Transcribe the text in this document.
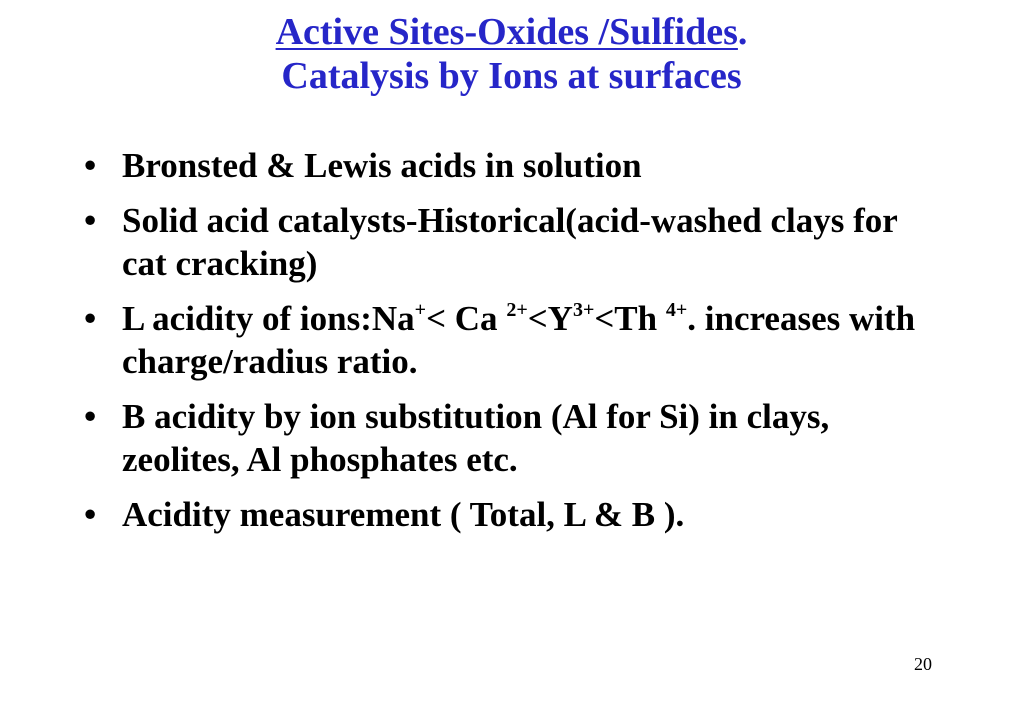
Active Sites-Oxides /Sulfides.
Catalysis by Ions at surfaces
• Bronsted & Lewis acids in solution
• Solid acid catalysts-Historical(acid-washed clays for cat cracking)
• L acidity of ions:Na+< Ca $^{2+}<Y^{3+}<Th$ $^{4+}$. increases with charge/radius ratio.
• B acidity by ion substitution (Al for Si) in clays, zeolites, Al phosphates etc.
• Acidity measurement ( Total, L & B ).
20
